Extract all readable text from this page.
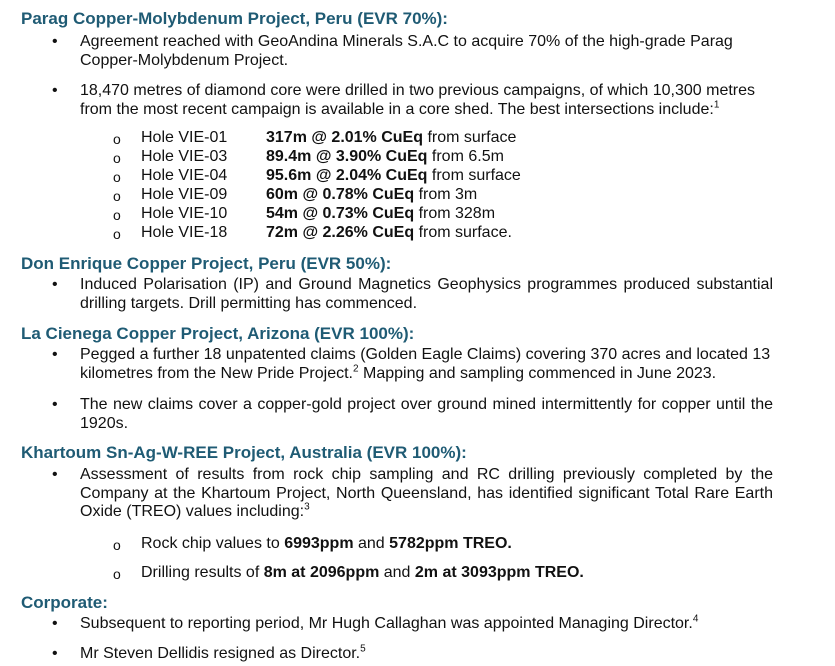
Parag Copper-Molybdenum Project, Peru (EVR 70%):
• Agreement reached with GeoAndina Minerals S.A.C to acquire 70% of the high-grade Parag Copper-Molybdenum Project.

• 18,470 metres of diamond core were drilled in two previous campaigns, of which 10,300 metres from the most recent campaign is available in a core shed. The best intersections include:$^1$

o Hole VIE-01 317m @ 2.01% CuEq from surface
o Hole VIE-03 89.4m @ 3.90% CuEq from 6.5m
o Hole VIE-04 95.6m @ 2.04% CuEq from surface
o Hole VIE-09 60m @ 0.78% CuEq from 3m
o Hole VIE-10 54m @ 0.73% CuEq from 328m
o Hole VIE-18 72m @ 2.26% CuEq from surface.
Don Enrique Copper Project, Peru (EVR 50%):
• Induced Polarisation (IP) and Ground Magnetics Geophysics programmes produced substantial drilling targets. Drill permitting has commenced.

La Cienega Copper Project, Arizona (EVR 100%):
• Pegged a further 18 unpatented claims (Golden Eagle Claims) covering 370 acres and located 13 kilometres from the New Pride Project.$^2$ Mapping and sampling commenced in June 2023.

• The new claims cover a copper-gold project over ground mined intermittently for copper until the 1920s.

Khartoum Sn-Ag-W-REE Project, Australia (EVR 100%):
• Assessment of results from rock chip sampling and RC drilling previously completed by the Company at the Khartoum Project, North Queensland, has identified significant Total Rare Earth Oxide (TREO) values including:$^3$

o Rock chip values to 6993ppm and 5782ppm TREO.
o Drilling results of 8m at 2096ppm and 2m at 3093ppm TREO.
Corporate:
• Subsequent to reporting period, Mr Hugh Callaghan was appointed Managing Director.$^4$

• Mr Steven Dellidis resigned as Director.$^5$
